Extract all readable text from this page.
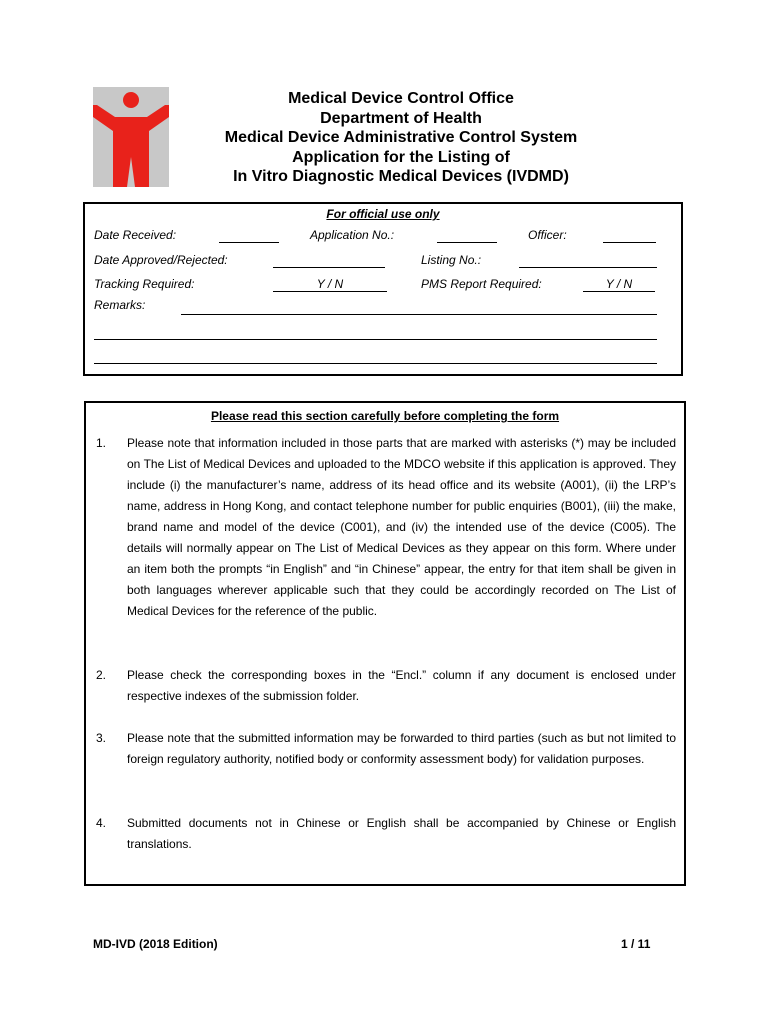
Medical Device Control Office
Department of Health
Medical Device Administrative Control System
Application for the Listing of
In Vitro Diagnostic Medical Devices (IVDMD)
For official use only
Date Received:	Application No.:	Officer:
Date Approved/Rejected:	Listing No.:
Tracking Required:	Y / N	PMS Report Required:	Y / N
Remarks:
Please read this section carefully before completing the form
1. Please note that information included in those parts that are marked with asterisks (*) may be included on The List of Medical Devices and uploaded to the MDCO website if this application is approved. They include (i) the manufacturer’s name, address of its head office and its website (A001), (ii) the LRP’s name, address in Hong Kong, and contact telephone number for public enquiries (B001), (iii) the make, brand name and model of the device (C001), and (iv) the intended use of the device (C005). The details will normally appear on The List of Medical Devices as they appear on this form. Where under an item both the prompts “in English” and “in Chinese” appear, the entry for that item shall be given in both languages wherever applicable such that they could be accordingly recorded on The List of Medical Devices for the reference of the public.
2. Please check the corresponding boxes in the “Encl.” column if any document is enclosed under respective indexes of the submission folder.
3. Please note that the submitted information may be forwarded to third parties (such as but not limited to foreign regulatory authority, notified body or conformity assessment body) for validation purposes.
4. Submitted documents not in Chinese or English shall be accompanied by Chinese or English translations.
MD-IVD (2018 Edition)	1 / 11
